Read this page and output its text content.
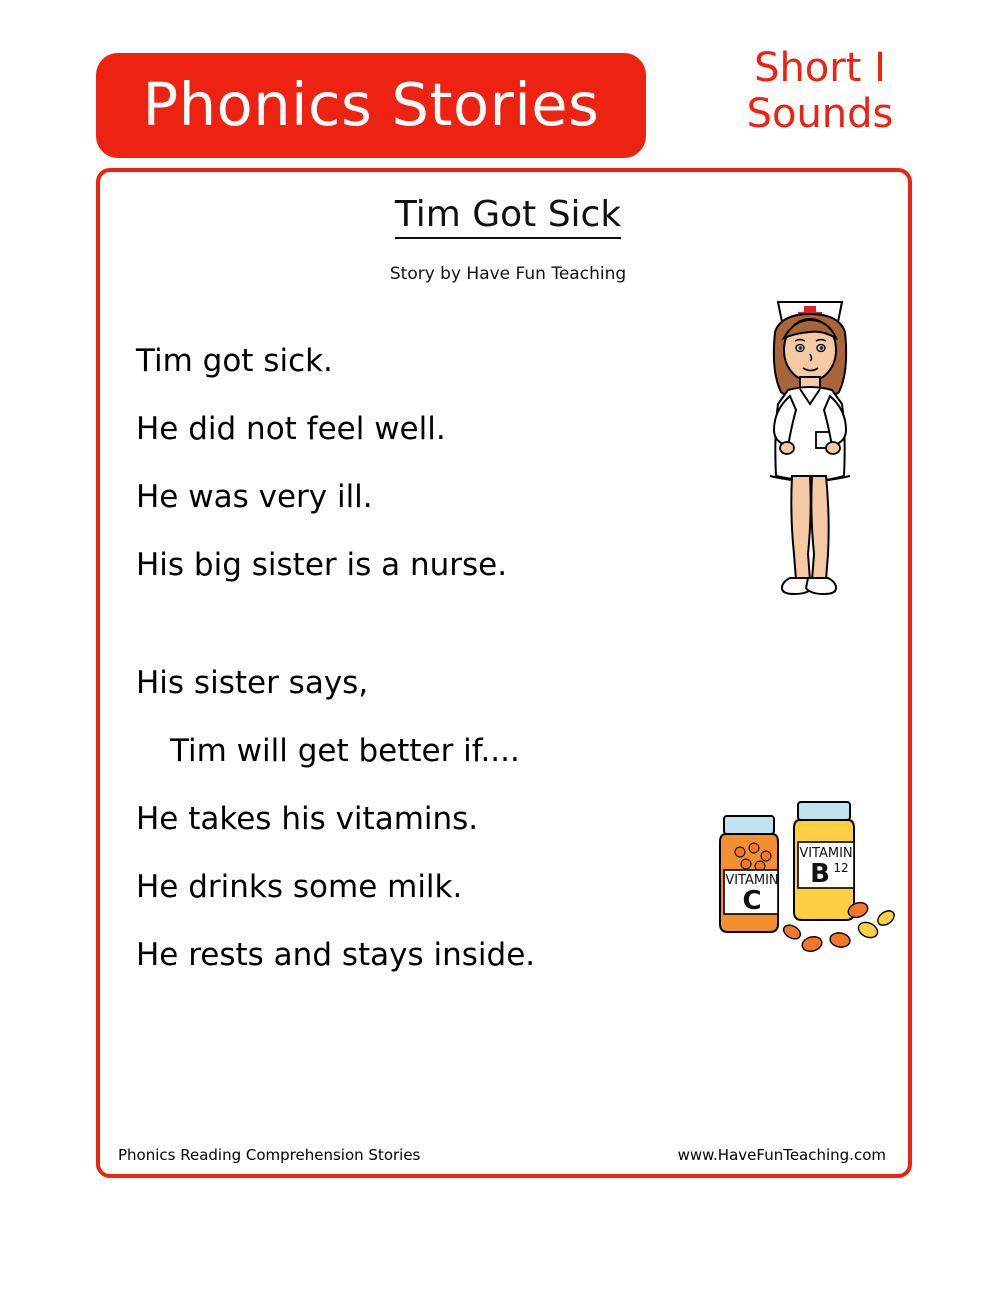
Phonics Stories
Short I
Sounds
Tim Got Sick
Story by Have Fun Teaching
Tim got sick.
He did not feel well.
He was very ill.
His big sister is a nurse.
His sister says,
Tim will get better if....
He takes his vitamins.
He drinks some milk.
He rests and stays inside.
VITAMIN
B 12
VITAMIN
C
Phonics Reading Comprehension Stories	www.HaveFunTeaching.com
